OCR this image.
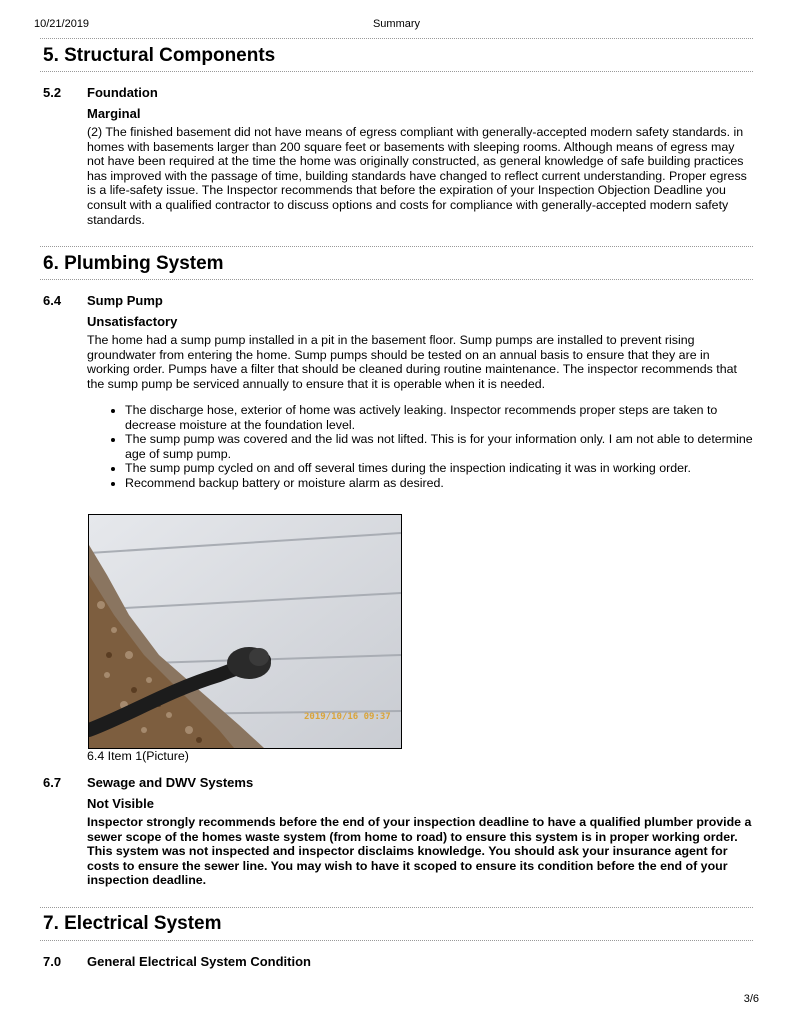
10/21/2019	Summary
5. Structural Components
5.2 Foundation
Marginal

(2) The finished basement did not have means of egress compliant with generally-accepted modern safety standards. in homes with basements larger than 200 square feet or basements with sleeping rooms. Although means of egress may not have been required at the time the home was originally constructed, as general knowledge of safe building practices has improved with the passage of time, building standards have changed to reflect current understanding. Proper egress is a life-safety issue. The Inspector recommends that before the expiration of your Inspection Objection Deadline you consult with a qualified contractor to discuss options and costs for compliance with generally-accepted modern safety standards.

6. Plumbing System
6.4 Sump Pump
Unsatisfactory

The home had a sump pump installed in a pit in the basement floor. Sump pumps are installed to prevent rising groundwater from entering the home. Sump pumps should be tested on an annual basis to ensure that they are in working order. Pumps have a filter that should be cleaned during routine maintenance. The inspector recommends that the sump pump be serviced annually to ensure that it is operable when it is needed.

• The discharge hose, exterior of home was actively leaking. Inspector recommends proper steps are taken to decrease moisture at the foundation level.
• The sump pump was covered and the lid was not lifted. This is for your information only. I am not able to determine age of sump pump.
• The sump pump cycled on and off several times during the inspection indicating it was in working order.
• Recommend backup battery or moisture alarm as desired.
2019/10/16 09:37
6.4 Item 1(Picture)
6.7 Sewage and DWV Systems
Not Visible

Inspector strongly recommends before the end of your inspection deadline to have a qualified plumber provide a sewer scope of the homes waste system (from home to road) to ensure this system is in proper working order. This system was not inspected and inspector disclaims knowledge. You should ask your insurance agent for costs to ensure the sewer line. You may wish to have it scoped to ensure its condition before the end of your inspection deadline.

7. Electrical System
7.0 General Electrical System Condition
3/6
